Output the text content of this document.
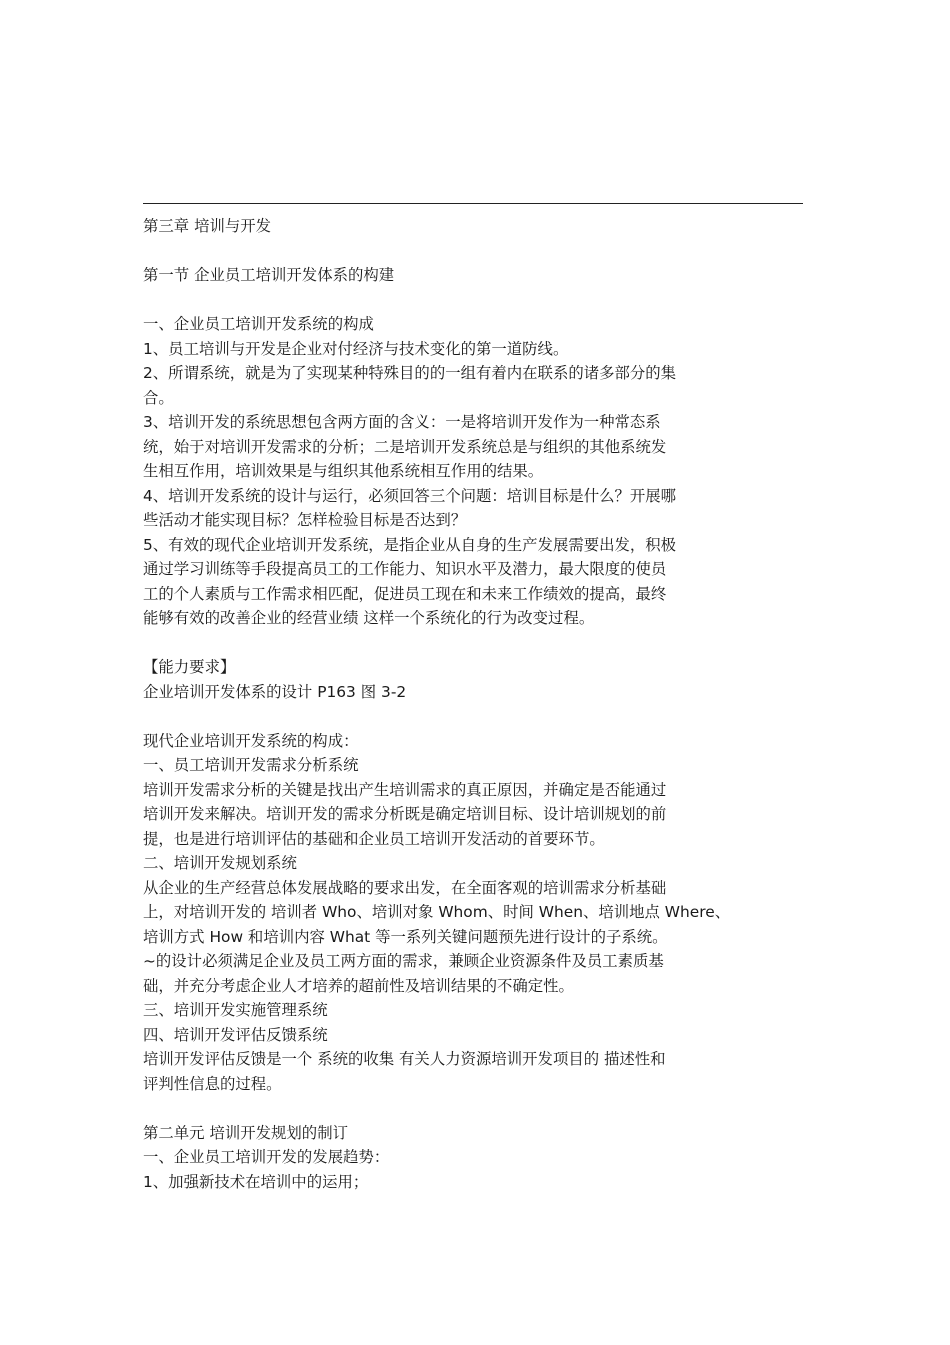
第三章 培训与开发
第一节 企业员工培训开发体系的构建
一、企业员工培训开发系统的构成
1、员工培训与开发是企业对付经济与技术变化的第一道防线。
2、所谓系统，就是为了实现某种特殊目的的一组有着内在联系的诸多部分的集
合。
3、培训开发的系统思想包含两方面的含义：一是将培训开发作为一种常态系
统，始于对培训开发需求的分析；二是培训开发系统总是与组织的其他系统发
生相互作用，培训效果是与组织其他系统相互作用的结果。
4、培训开发系统的设计与运行，必须回答三个问题：培训目标是什么？开展哪
些活动才能实现目标？怎样检验目标是否达到？
5、有效的现代企业培训开发系统，是指企业从自身的生产发展需要出发，积极
通过学习训练等手段提高员工的工作能力、知识水平及潜力，最大限度的使员
工的个人素质与工作需求相匹配，促进员工现在和未来工作绩效的提高，最终
能够有效的改善企业的经营业绩 这样一个系统化的行为改变过程。
【能力要求】
企业培训开发体系的设计 P163 图 3-2
现代企业培训开发系统的构成：
一、员工培训开发需求分析系统
培训开发需求分析的关键是找出产生培训需求的真正原因，并确定是否能通过
培训开发来解决。培训开发的需求分析既是确定培训目标、设计培训规划的前
提，也是进行培训评估的基础和企业员工培训开发活动的首要环节。
二、培训开发规划系统
从企业的生产经营总体发展战略的要求出发，在全面客观的培训需求分析基础
上，对培训开发的 培训者 Who、培训对象 Whom、时间 When、培训地点 Where、
培训方式 How 和培训内容 What 等一系列关键问题预先进行设计的子系统。
~的设计必须满足企业及员工两方面的需求，兼顾企业资源条件及员工素质基
础，并充分考虑企业人才培养的超前性及培训结果的不确定性。
三、培训开发实施管理系统
四、培训开发评估反馈系统
培训开发评估反馈是一个 系统的收集 有关人力资源培训开发项目的 描述性和
评判性信息的过程。
第二单元 培训开发规划的制订
一、企业员工培训开发的发展趋势：
1、加强新技术在培训中的运用；
